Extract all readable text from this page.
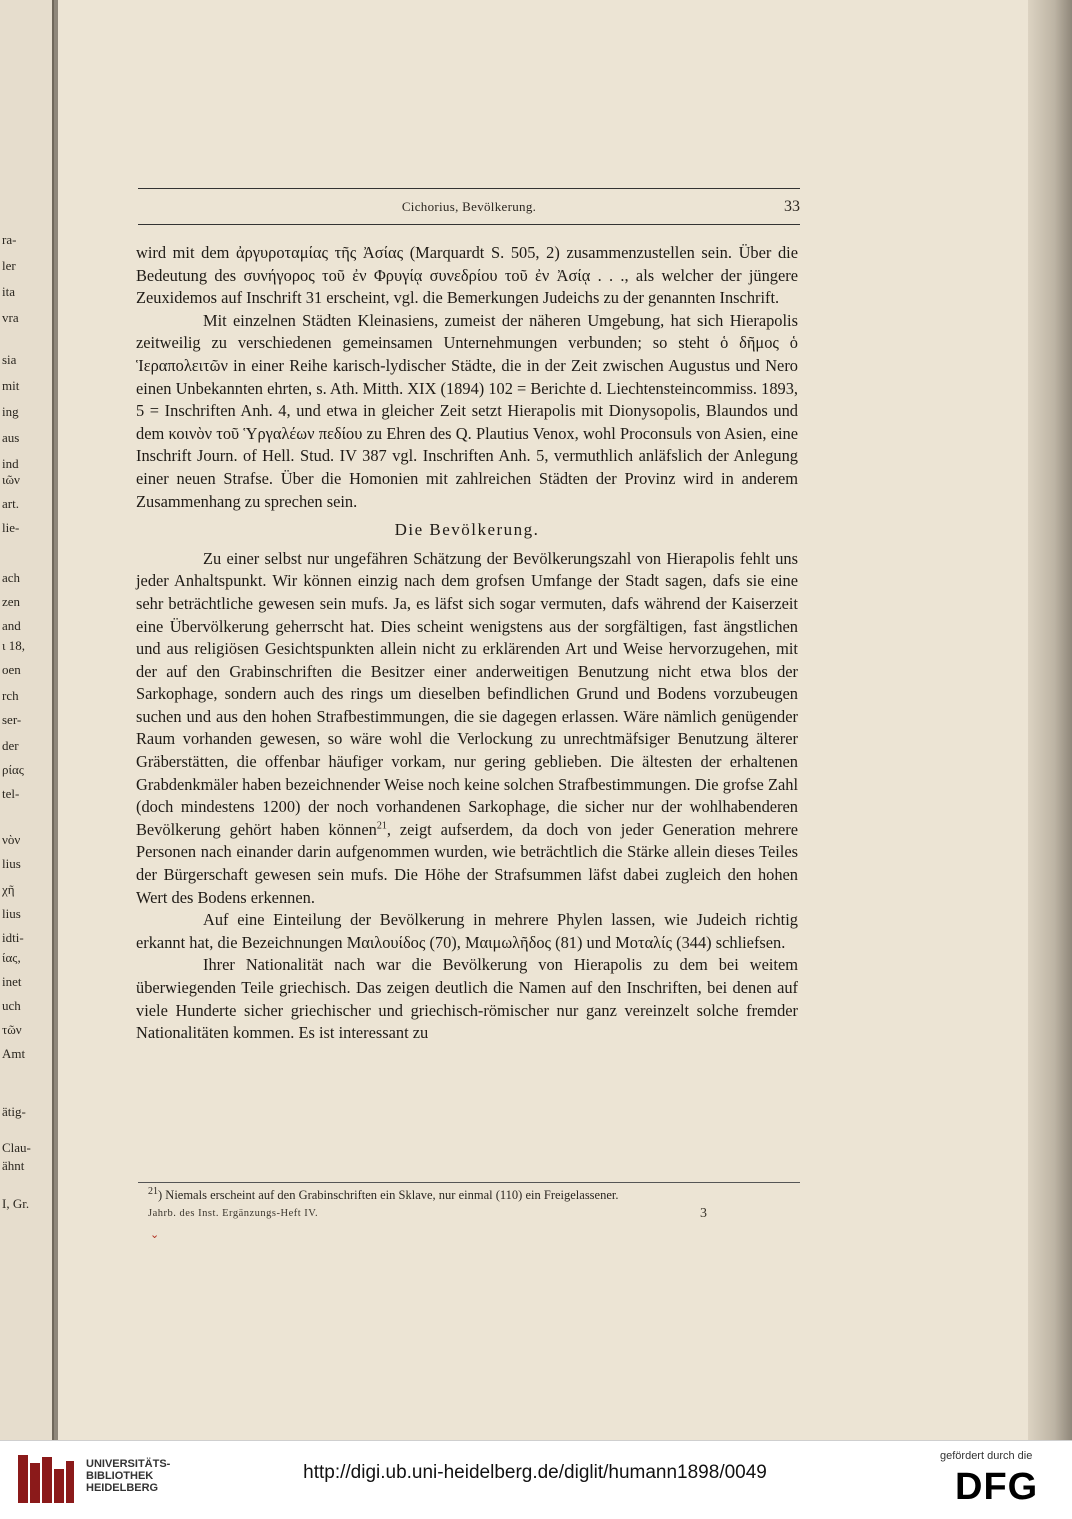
ra-
ler
ita
vra
sia
mit
ing
aus
ind
ιῶν
art.
lie-
ach
zen
and
ι 18,
oen
rch
ser-
der
ρίας
tel-
νὸν
lius
χῆ
lius
idti-
ίας,
inet
uch
τῶν
Amt
ätig-
Clau-
ähnt
I, Gr.
Cichorius, Bevölkerung.	33

wird mit dem ἀργυροταμίας τῆς Ἀσίας (Marquardt S. 505, 2) zusammenzustellen sein. Über die Bedeutung des συνήγορος τοῦ ἐν Φρυγίᾳ συνεδρίου τοῦ ἐν Ἀσίᾳ . . ., als welcher der jüngere Zeuxidemos auf Inschrift 31 erscheint, vgl. die Bemerkungen Judeichs zu der genannten Inschrift.

Mit einzelnen Städten Kleinasiens, zumeist der näheren Umgebung, hat sich Hierapolis zeitweilig zu verschiedenen gemeinsamen Unternehmungen verbunden; so steht ὁ δῆμος ὁ Ἱεραπολειτῶν in einer Reihe karisch-lydischer Städte, die in der Zeit zwischen Augustus und Nero einen Unbekannten ehrten, s. Ath. Mitth. XIX (1894) 102 = Berichte d. Liechtensteincommiss. 1893, 5 = Inschriften Anh. 4, und etwa in gleicher Zeit setzt Hierapolis mit Dionysopolis, Blaundos und dem κοινὸν τοῦ Ὑργαλέων πεδίου zu Ehren des Q. Plautius Venox, wohl Proconsuls von Asien, eine Inschrift Journ. of Hell. Stud. IV 387 vgl. Inschriften Anh. 5, vermuthlich anläfslich der Anlegung einer neuen Strafse. Über die Homonien mit zahlreichen Städten der Provinz wird in anderem Zusammenhang zu sprechen sein.

Die Bevölkerung.

Zu einer selbst nur ungefähren Schätzung der Bevölkerungszahl von Hierapolis fehlt uns jeder Anhaltspunkt. Wir können einzig nach dem grofsen Umfange der Stadt sagen, dafs sie eine sehr beträchtliche gewesen sein mufs. Ja, es läfst sich sogar vermuten, dafs während der Kaiserzeit eine Übervölkerung geherrscht hat. Dies scheint wenigstens aus der sorgfältigen, fast ängstlichen und aus religiösen Gesichtspunkten allein nicht zu erklärenden Art und Weise hervorzugehen, mit der auf den Grabinschriften die Besitzer einer anderweitigen Benutzung nicht etwa blos der Sarkophage, sondern auch des rings um dieselben befindlichen Grund und Bodens vorzubeugen suchen und aus den hohen Strafbestimmungen, die sie dagegen erlassen. Wäre nämlich genügender Raum vorhanden gewesen, so wäre wohl die Verlockung zu unrechtmäfsiger Benutzung älterer Gräberstätten, die offenbar häufiger vorkam, nur gering geblieben. Die ältesten der erhaltenen Grabdenkmäler haben bezeichnender Weise noch keine solchen Strafbestimmungen. Die grofse Zahl (doch mindestens 1200) der noch vorhandenen Sarkophage, die sicher nur der wohlhabenderen Bevölkerung gehört haben können$^{21}$, zeigt aufserdem, da doch von jeder Generation mehrere Personen nach einander darin aufgenommen wurden, wie beträchtlich die Stärke allein dieses Teiles der Bürgerschaft gewesen sein mufs. Die Höhe der Strafsummen läfst dabei zugleich den hohen Wert des Bodens erkennen.

Auf eine Einteilung der Bevölkerung in mehrere Phylen lassen, wie Judeich richtig erkannt hat, die Bezeichnungen Μαιλουίδος (70), Μαιμωλῆδος (81) und Μοταλίς (344) schliefsen.

Ihrer Nationalität nach war die Bevölkerung von Hierapolis zu dem bei weitem überwiegenden Teile griechisch. Das zeigen deutlich die Namen auf den Inschriften, bei denen auf viele Hunderte sicher griechischer und griechisch-römischer nur ganz vereinzelt solche fremder Nationalitäten kommen. Es ist interessant zu

$^{21}$) Niemals erscheint auf den Grabinschriften ein Sklave, nur einmal (110) ein Freigelassener.
Jahrb. des Inst. Ergänzungs-Heft IV.	3
⌄
UNIVERSITÄTS-
BIBLIOTHEK
HEIDELBERG
http://digi.ub.uni-heidelberg.de/diglit/humann1898/0049
gefördert durch die
DFG
